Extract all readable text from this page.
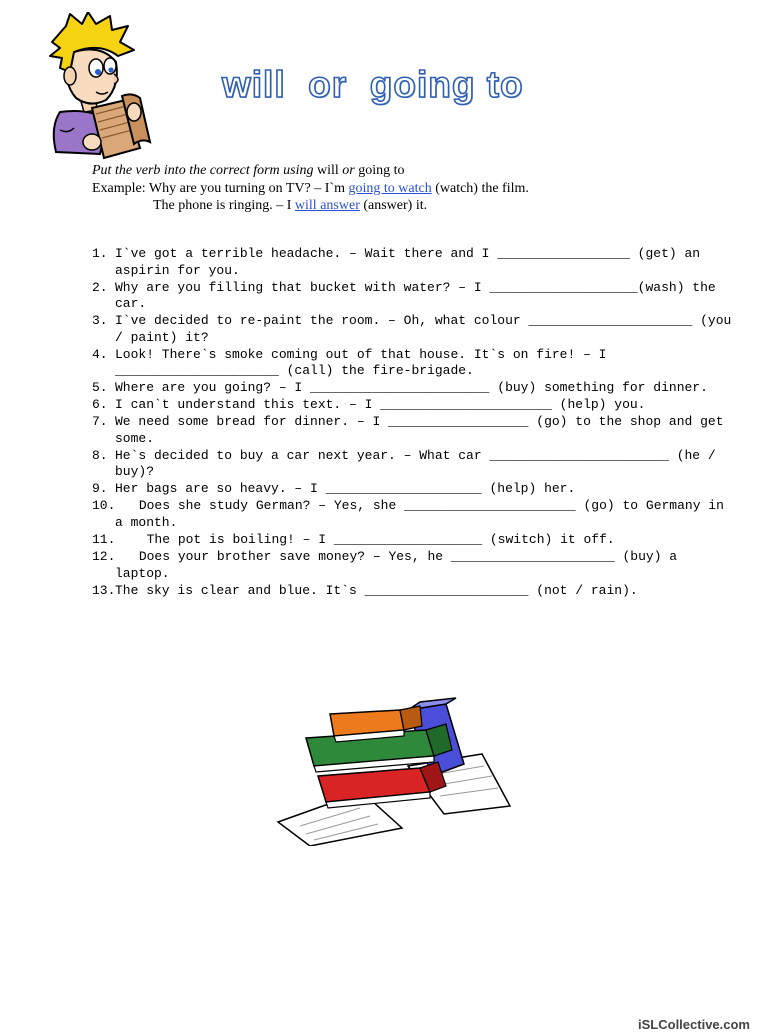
will  or  going to
Put the verb into the correct form using will or going to
Example: Why are you turning on TV? – I`m going to watch (watch) the film.
The phone is ringing. – I will answer (answer) it.
1. I`ve got a terrible headache. – Wait there and I _________________ (get) an aspirin for you.
2. Why are you filling that bucket with water? – I ___________________(wash) the car.
3. I`ve decided to re-paint the room. – Oh, what colour _____________________ (you / paint) it?
4. Look! There`s smoke coming out of that house. It`s on fire! – I _____________________ (call) the fire-brigade.
5. Where are you going? – I _______________________ (buy) something for dinner.
6. I can`t understand this text. – I ______________________ (help) you.
7. We need some bread for dinner. – I __________________ (go) to the shop and get some.
8. He`s decided to buy a car next year. – What car _______________________ (he / buy)?
9. Her bags are so heavy. – I ____________________ (help) her.
10. Does she study German? – Yes, she ______________________ (go) to Germany in a month.
11. The pot is boiling! – I ___________________ (switch) it off.
12. Does your brother save money? – Yes, he _____________________ (buy) a laptop.
13. The sky is clear and blue. It`s _____________________ (not / rain).
iSLCollective.com
